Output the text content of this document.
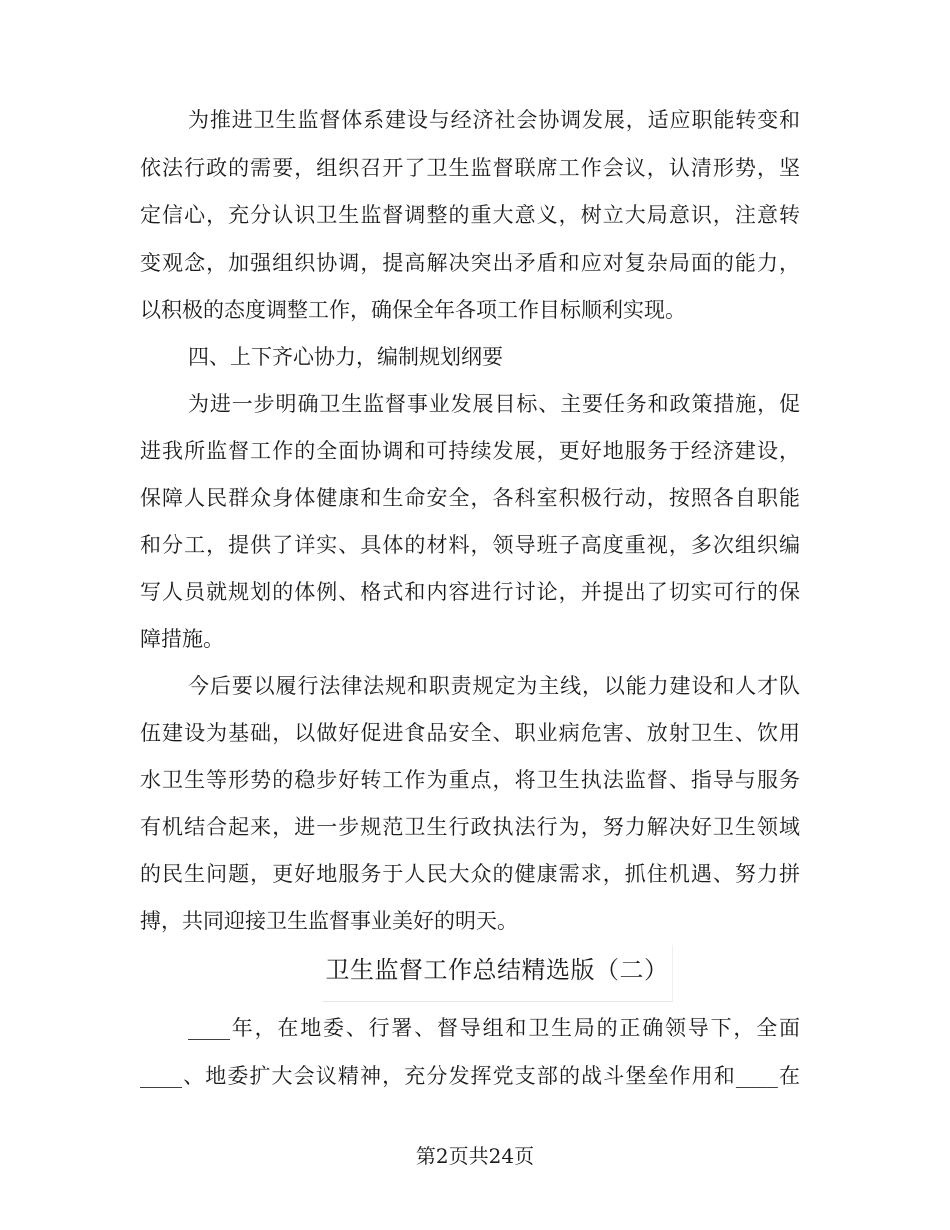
为推进卫生监督体系建设与经济社会协调发展，适应职能转变和
依法行政的需要，组织召开了卫生监督联席工作会议，认清形势，坚
定信心，充分认识卫生监督调整的重大意义，树立大局意识，注意转
变观念，加强组织协调，提高解决突出矛盾和应对复杂局面的能力，
以积极的态度调整工作，确保全年各项工作目标顺利实现。
四、上下齐心协力，编制规划纲要
为进一步明确卫生监督事业发展目标、主要任务和政策措施，促
进我所监督工作的全面协调和可持续发展，更好地服务于经济建设，
保障人民群众身体健康和生命安全，各科室积极行动，按照各自职能
和分工，提供了详实、具体的材料，领导班子高度重视，多次组织编
写人员就规划的体例、格式和内容进行讨论，并提出了切实可行的保
障措施。
今后要以履行法律法规和职责规定为主线，以能力建设和人才队
伍建设为基础，以做好促进食品安全、职业病危害、放射卫生、饮用
水卫生等形势的稳步好转工作为重点，将卫生执法监督、指导与服务
有机结合起来，进一步规范卫生行政执法行为，努力解决好卫生领域
的民生问题，更好地服务于人民大众的健康需求，抓住机遇、努力拼
搏，共同迎接卫生监督事业美好的明天。
卫生监督工作总结精选版（二）
____年，在地委、行署、督导组和卫生局的正确领导下，全面
____、地委扩大会议精神，充分发挥党支部的战斗堡垒作用和____在
第2页共24页
